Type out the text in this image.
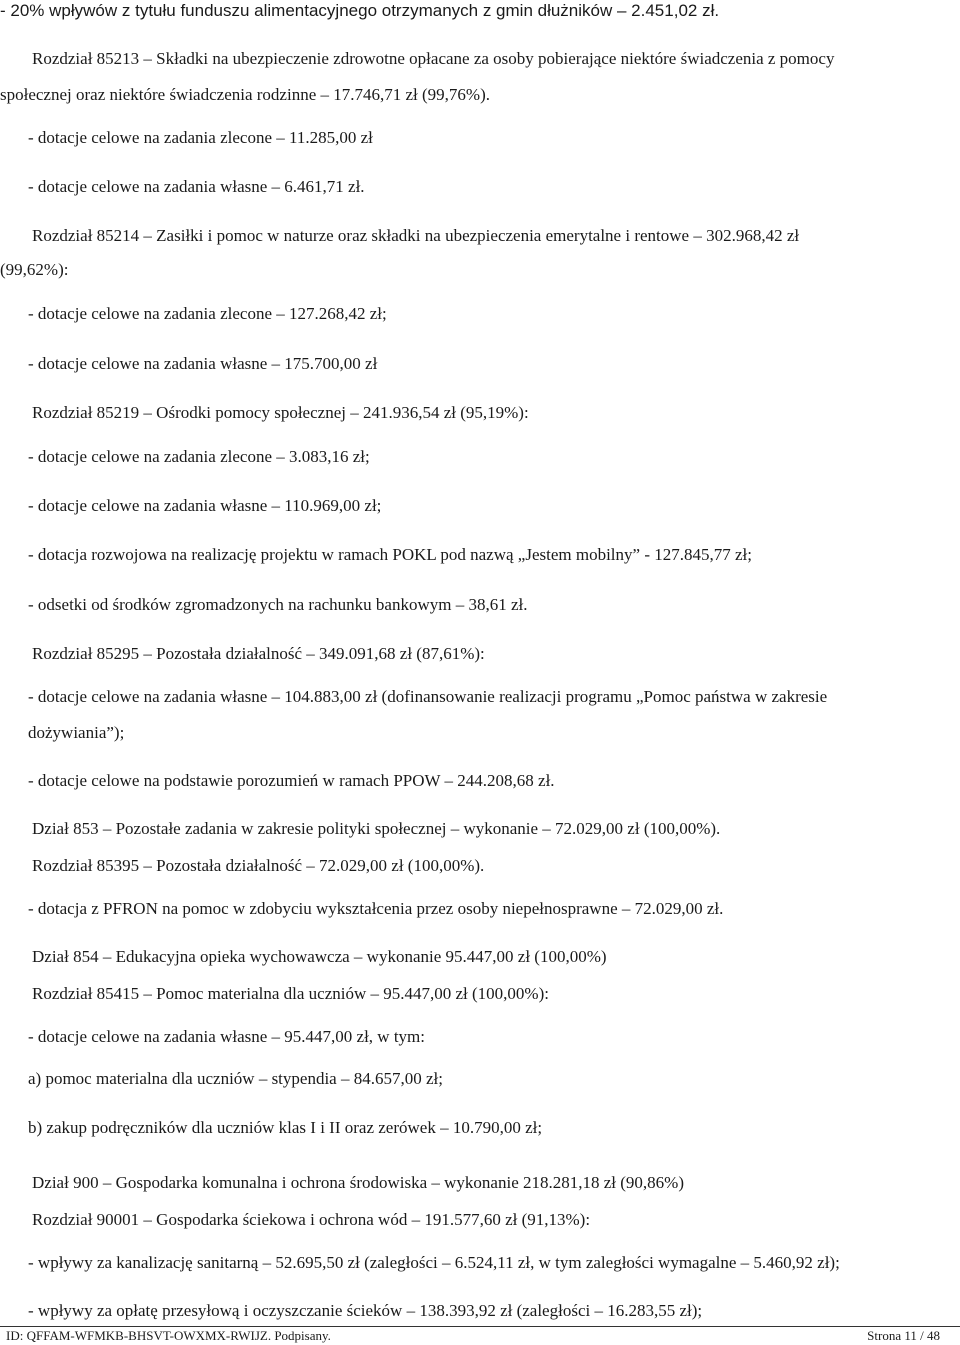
- 20% wpływów z tytułu funduszu alimentacyjnego otrzymanych z gmin dłużników – 2.451,02 zł.
Rozdział 85213 – Składki na ubezpieczenie zdrowotne opłacane za osoby pobierające niektóre świadczenia z pomocy
społecznej oraz niektóre świadczenia rodzinne – 17.746,71 zł (99,76%).
- dotacje celowe na zadania zlecone – 11.285,00 zł
- dotacje celowe na zadania własne – 6.461,71 zł.
Rozdział 85214 – Zasiłki i pomoc w naturze oraz składki na ubezpieczenia emerytalne i rentowe – 302.968,42 zł
(99,62%):
- dotacje celowe na zadania zlecone – 127.268,42 zł;
- dotacje celowe na zadania własne – 175.700,00 zł
Rozdział 85219 – Ośrodki pomocy społecznej – 241.936,54 zł (95,19%):
- dotacje celowe na zadania zlecone – 3.083,16 zł;
- dotacje celowe na zadania własne – 110.969,00 zł;
- dotacja rozwojowa na realizację projektu w ramach POKL pod nazwą „Jestem mobilny” - 127.845,77 zł;
- odsetki od środków zgromadzonych na rachunku bankowym – 38,61 zł.
Rozdział 85295 – Pozostała działalność – 349.091,68 zł (87,61%):
- dotacje celowe na zadania własne – 104.883,00 zł (dofinansowanie realizacji programu „Pomoc państwa w zakresie
dożywiania”);
- dotacje celowe na podstawie porozumień w ramach PPOW – 244.208,68 zł.
Dział 853 – Pozostałe zadania w zakresie polityki społecznej – wykonanie – 72.029,00 zł (100,00%).
Rozdział 85395 – Pozostała działalność – 72.029,00 zł (100,00%).
- dotacja z PFRON na pomoc w zdobyciu wykształcenia przez osoby niepełnosprawne – 72.029,00 zł.
Dział 854 – Edukacyjna opieka wychowawcza – wykonanie 95.447,00 zł (100,00%)
Rozdział 85415 – Pomoc materialna dla uczniów – 95.447,00 zł (100,00%):
- dotacje celowe na zadania własne – 95.447,00 zł, w tym:
a) pomoc materialna dla uczniów – stypendia – 84.657,00 zł;
b) zakup podręczników dla uczniów klas I i II oraz zerówek – 10.790,00 zł;
Dział 900 – Gospodarka komunalna i ochrona środowiska – wykonanie 218.281,18 zł (90,86%)
Rozdział 90001 – Gospodarka ściekowa i ochrona wód – 191.577,60 zł (91,13%):
- wpływy za kanalizację sanitarną – 52.695,50 zł (zaległości – 6.524,11 zł, w tym zaległości wymagalne – 5.460,92 zł);
- wpływy za opłatę przesyłową i oczyszczanie ścieków – 138.393,92 zł (zaległości – 16.283,55 zł);
ID: QFFAM-WFMKB-BHSVT-OWXMX-RWIJZ. Podpisany.	Strona 11 / 48
